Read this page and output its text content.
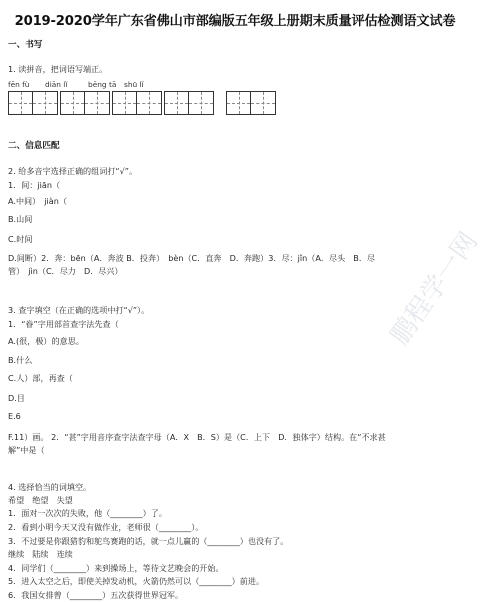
2019-2020学年广东省佛山市部编版五年级上册期末质量评估检测语文试卷
一、书写
1. 读拼音，把词语写端正。
fēn fù diān lǐ	bēng tā shū lǐ
二、信息匹配
2. 给多音字选择正确的组词打“√”。
1．间：jiān（
A.中间）　jiàn（
B.山间
C.时间
D.间断）2．奔：bēn（A．奔波 B．投奔）　bèn（C．直奔　D．奔跑）3．尽：jǐn（A．尽头　B．尽
管）　jìn（C．尽力　D．尽兴）
3. 查字填空（在正确的选项中打“√”）。
1．“眷”字用部首查字法先查（
A.(很，极）的意思。
B.什么
C.人）部，再查（
D.目
E.6
F.11）画。 2．“甚”字用音序查字法查字母（A．X　B．S）是（C．上下　D．独体字）结构。在“不求甚
解”中是（
4. 选择恰当的词填空。
希望　绝望　失望
1．面对一次次的失败，他（________）了。
2．看到小明今天又没有做作业，老师很（________）。
3．不过要是你跟猎豹和鸵鸟赛跑的话，就一点儿赢的（________）也没有了。
继续　陆续　连续
4．同学们（________）来到操场上，等待文艺晚会的开始。
5．进入太空之后，即使关掉发动机，火箭仍然可以（________）前进。
6．我国女排曾（________）五次获得世界冠军。
鹏程学一网
